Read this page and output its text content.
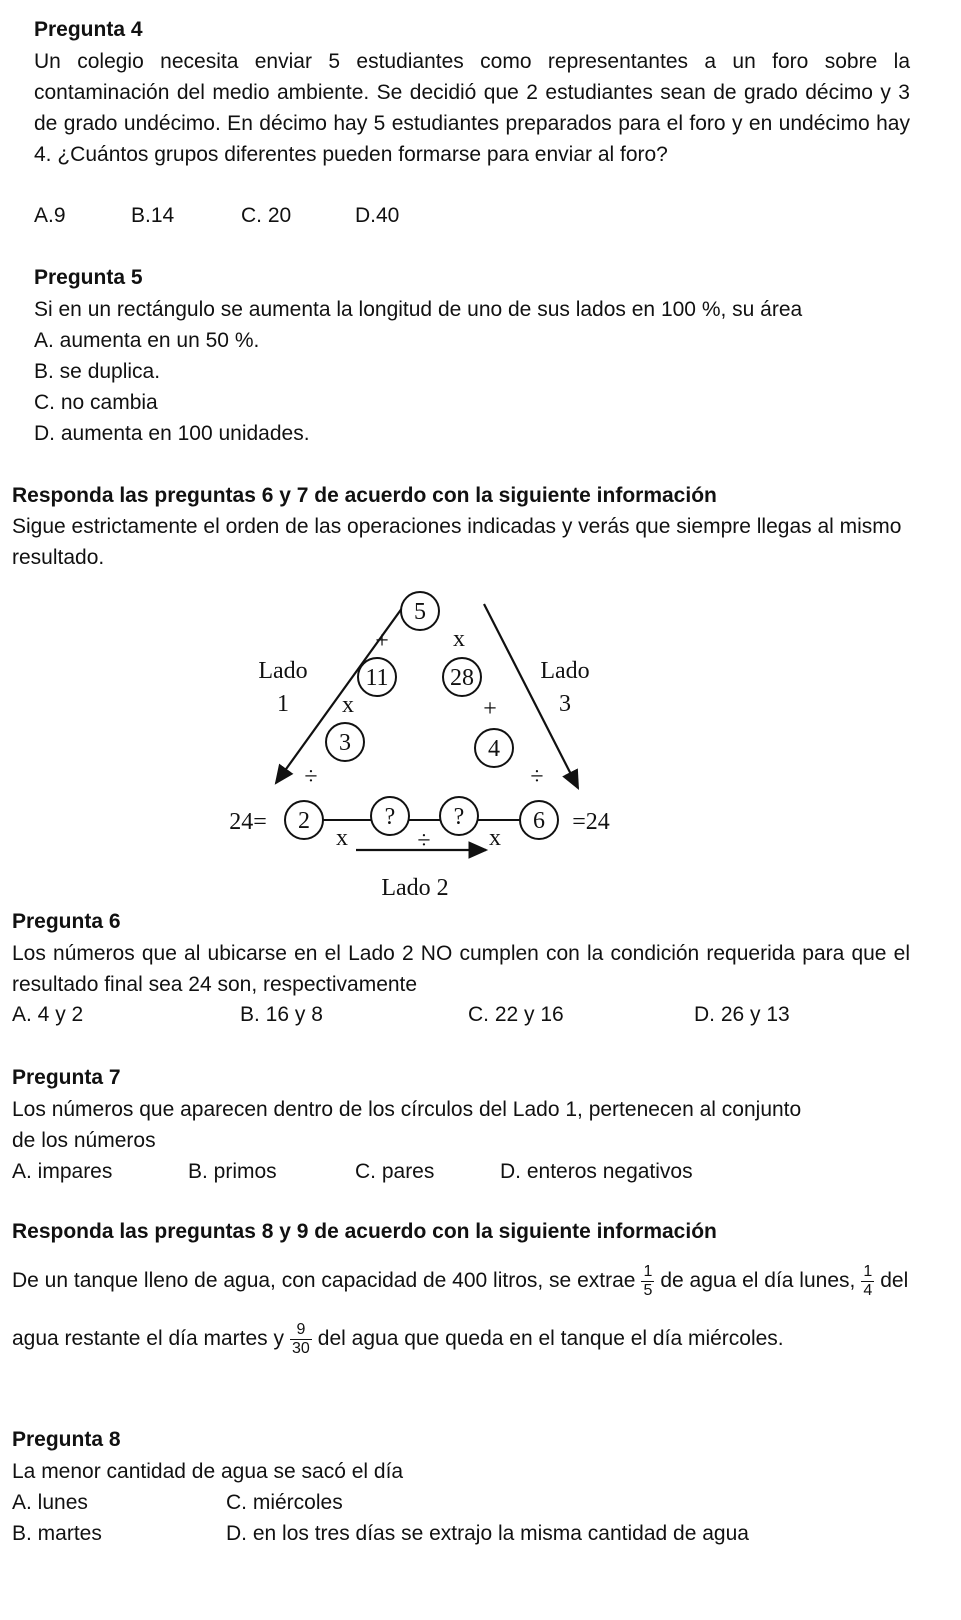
Pregunta 4
Un colegio necesita enviar 5 estudiantes como representantes a un foro sobre la contaminación del medio ambiente. Se decidió que 2 estudiantes sean de grado décimo y 3 de grado undécimo. En décimo hay 5 estudiantes preparados para el foro y en undécimo hay 4. ¿Cuántos grupos diferentes pueden formarse para enviar al foro?
A.9	B.14	C. 20	D.40
Pregunta 5
Si en un rectángulo se aumenta la longitud de uno de sus lados en 100 %, su área
A. aumenta en un 50 %.
B. se duplica.
C. no cambia
D. aumenta en 100 unidades.
Responda las preguntas 6 y 7 de acuerdo con la siguiente información
Sigue estrictamente el orden de las operaciones indicadas y verás que siempre llegas al mismo resultado.
5
11	28
3	4
2	? ?	6
+	x
x	+
÷	÷
x	÷ x
Lado
1
Lado
3
Lado 2
24=	=24
Pregunta 6
Los números que al ubicarse en el Lado 2 NO cumplen con la condición requerida para que el resultado final sea 24 son, respectivamente
A. 4 y 2	B. 16 y 8	C. 22 y 16	D. 26 y 13
Pregunta 7
Los números que aparecen dentro de los círculos del Lado 1, pertenecen al conjunto de los números
A. impares	B. primos	C. pares	D. enteros negativos
Responda las preguntas 8 y 9 de acuerdo con la siguiente información
De un tanque lleno de agua, con capacidad de 400 litros, se extrae $\frac{1}{5}$ de agua el día lunes, $\frac{1}{4}$ del agua restante el día martes y $\frac{9}{30}$ del agua que queda en el tanque el día miércoles.
Pregunta 8
La menor cantidad de agua se sacó el día
A. lunes	C. miércoles
B. martes	D. en los tres días se extrajo la misma cantidad de agua
